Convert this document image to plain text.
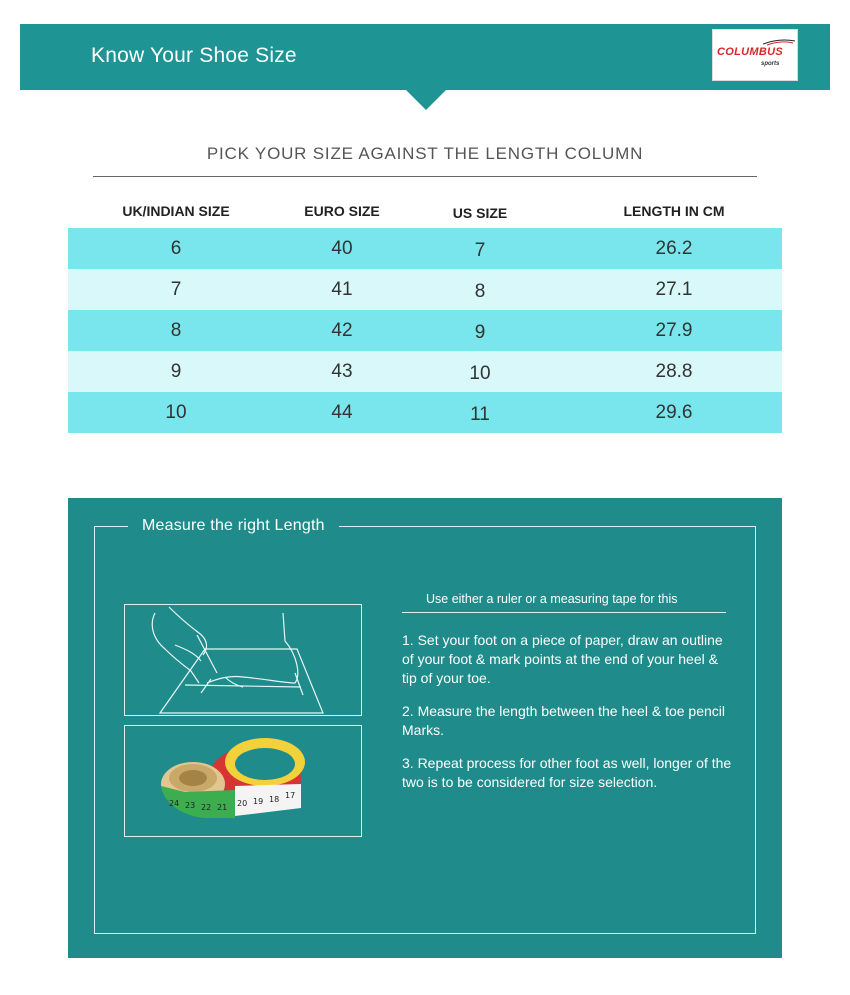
Know Your Shoe Size	COLUMBUS
sports
PICK YOUR SIZE AGAINST THE LENGTH COLUMN
UK/INDIAN SIZE	EURO SIZE	US SIZE	LENGTH IN CM
6	40	7	26.2
7	41	8	27.1
8	42	9	27.9
9	43	10	28.8
10	44	11	29.6
Measure the right Length
24 23 22 21 20 19 18 17
Use either a ruler or a measuring tape for this
1. Set your foot on a piece of paper, draw an outline of your foot & mark points at the end of your heel & tip of your toe.
2. Measure the length between the heel & toe pencil Marks.
3. Repeat process for other foot as well, longer of the two is to be considered for size selection.
